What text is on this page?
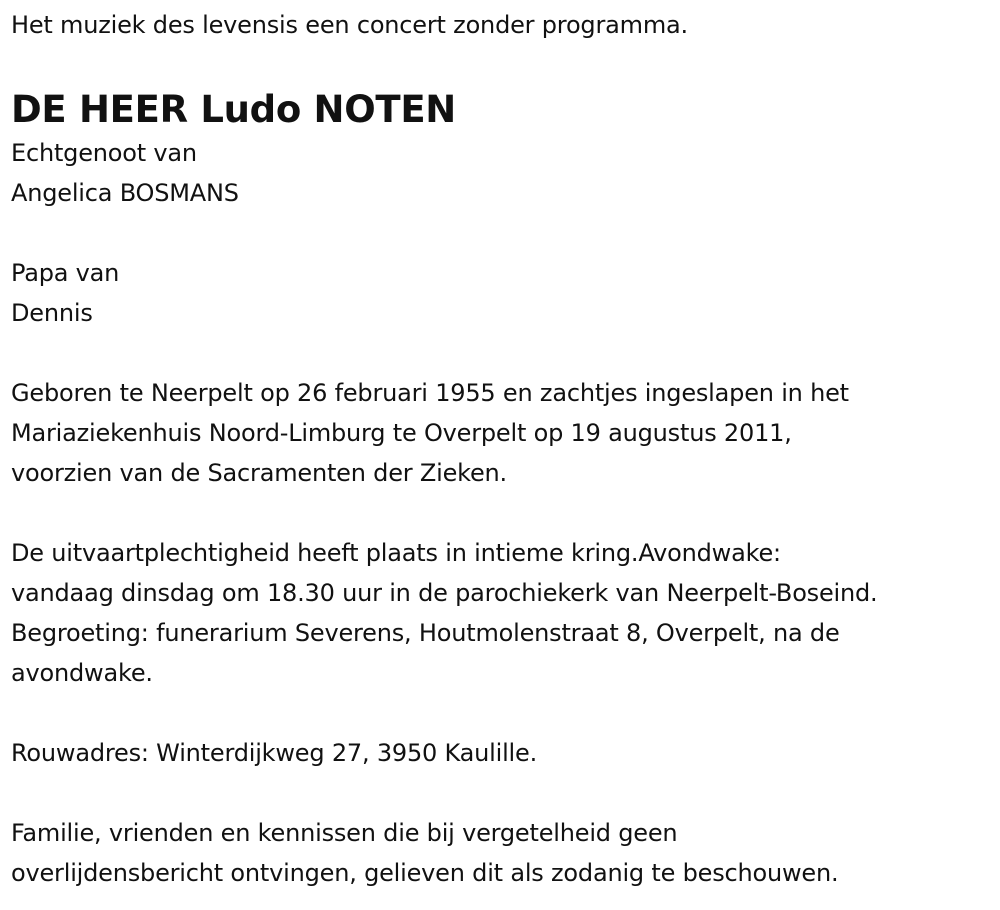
Het muziek des levensis een concert zonder programma.
DE HEER Ludo NOTEN
Echtgenoot van
Angelica BOSMANS
Papa van
Dennis
Geboren te Neerpelt op 26 februari 1955 en zachtjes ingeslapen in het
Mariaziekenhuis Noord-Limburg te Overpelt op 19 augustus 2011,
voorzien van de Sacramenten der Zieken.
De uitvaartplechtigheid heeft plaats in intieme kring.Avondwake:
vandaag dinsdag om 18.30 uur in de parochiekerk van Neerpelt-Boseind.
Begroeting: funerarium Severens, Houtmolenstraat 8, Overpelt, na de
avondwake.
Rouwadres: Winterdijkweg 27, 3950 Kaulille.
Familie, vrienden en kennissen die bij vergetelheid geen
overlijdensbericht ontvingen, gelieven dit als zodanig te beschouwen.
